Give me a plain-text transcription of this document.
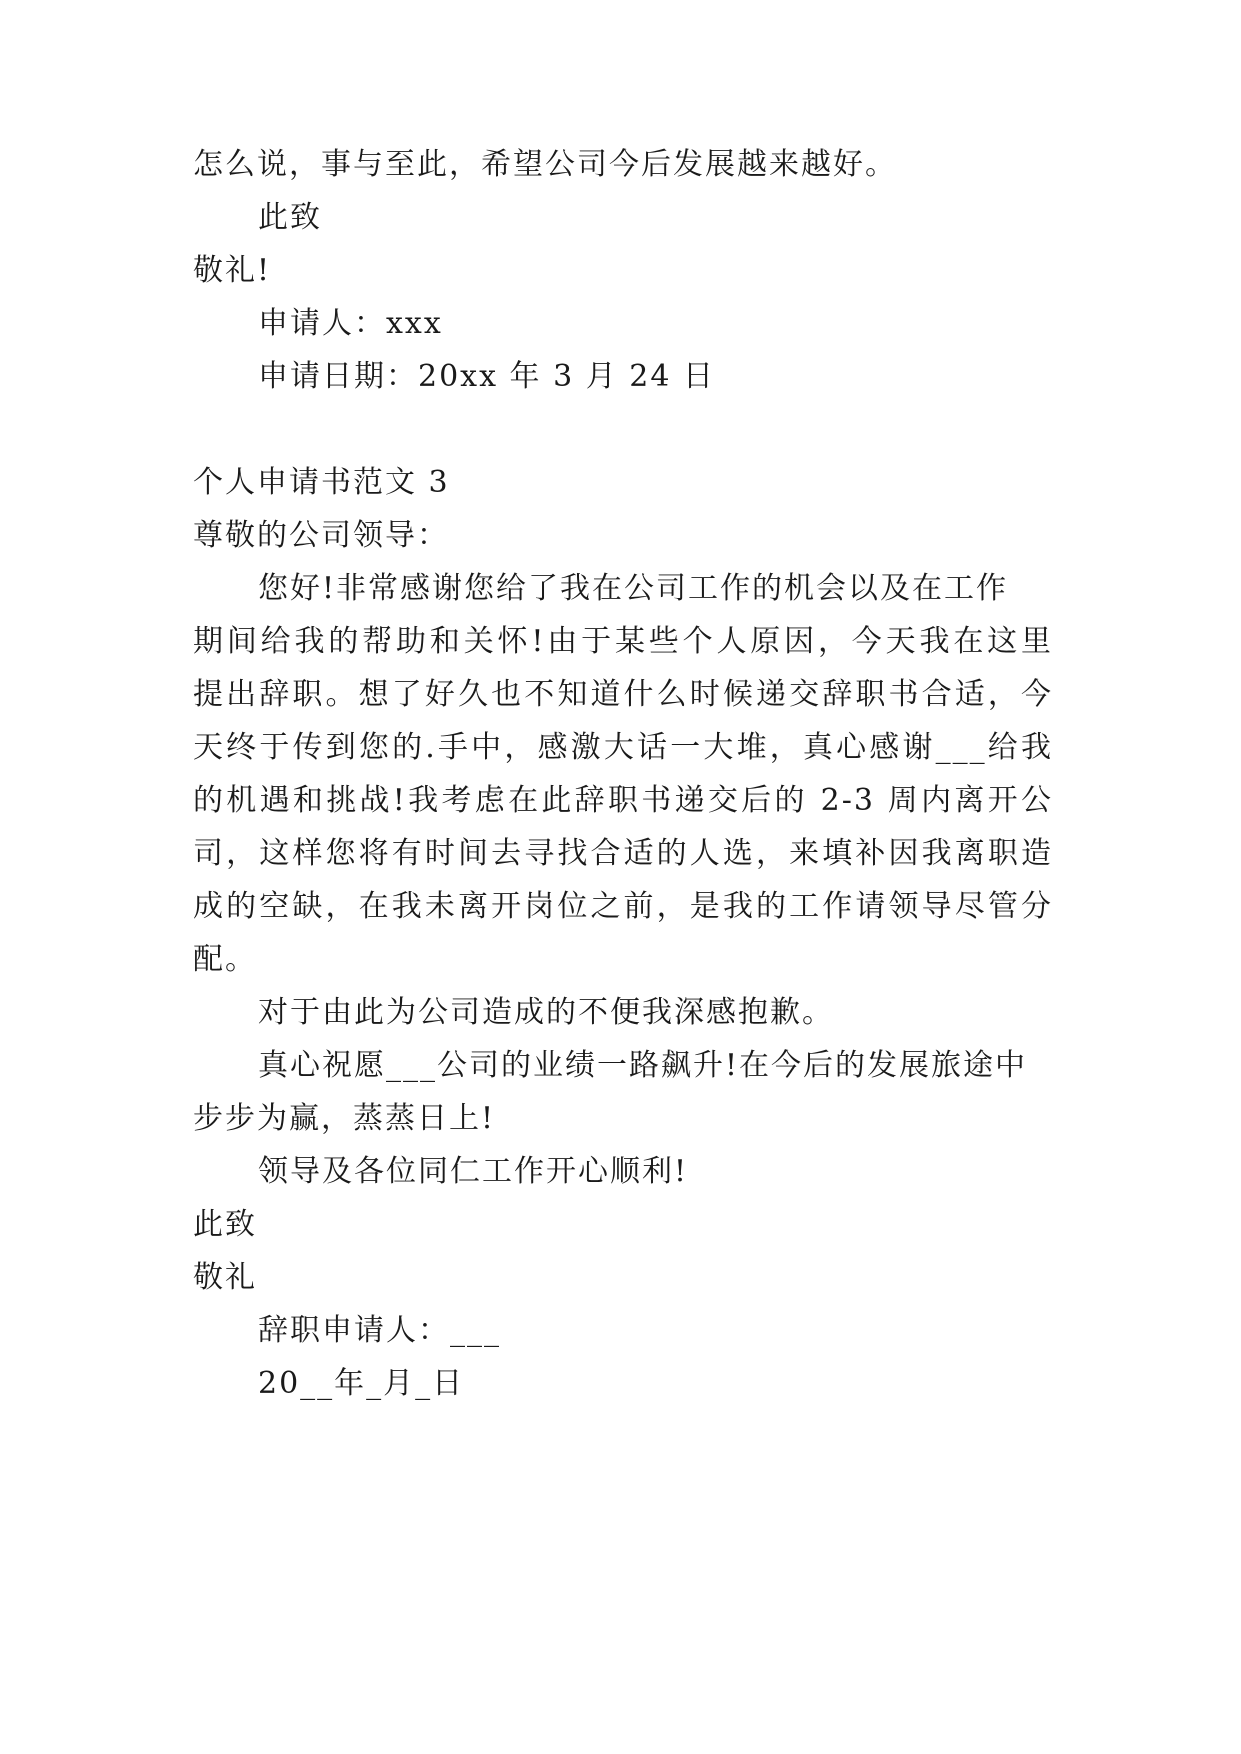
怎么说，事与至此，希望公司今后发展越来越好。
此致
敬礼!
申请人：xxx
申请日期：20xx 年 3 月 24 日
个人申请书范文 3
尊敬的公司领导：
您好!非常感谢您给了我在公司工作的机会以及在工作
期间给我的帮助和关怀!由于某些个人原因，今天我在这里
提出辞职。想了好久也不知道什么时候递交辞职书合适，今
天终于传到您的.手中，感激大话一大堆，真心感谢___给我
的机遇和挑战!我考虑在此辞职书递交后的 2-3 周内离开公
司，这样您将有时间去寻找合适的人选，来填补因我离职造
成的空缺，在我未离开岗位之前，是我的工作请领导尽管分
配。
对于由此为公司造成的不便我深感抱歉。
真心祝愿___公司的业绩一路飙升!在今后的发展旅途中
步步为赢，蒸蒸日上!
领导及各位同仁工作开心顺利!
此致
敬礼
辞职申请人：___
20__年_月_日
